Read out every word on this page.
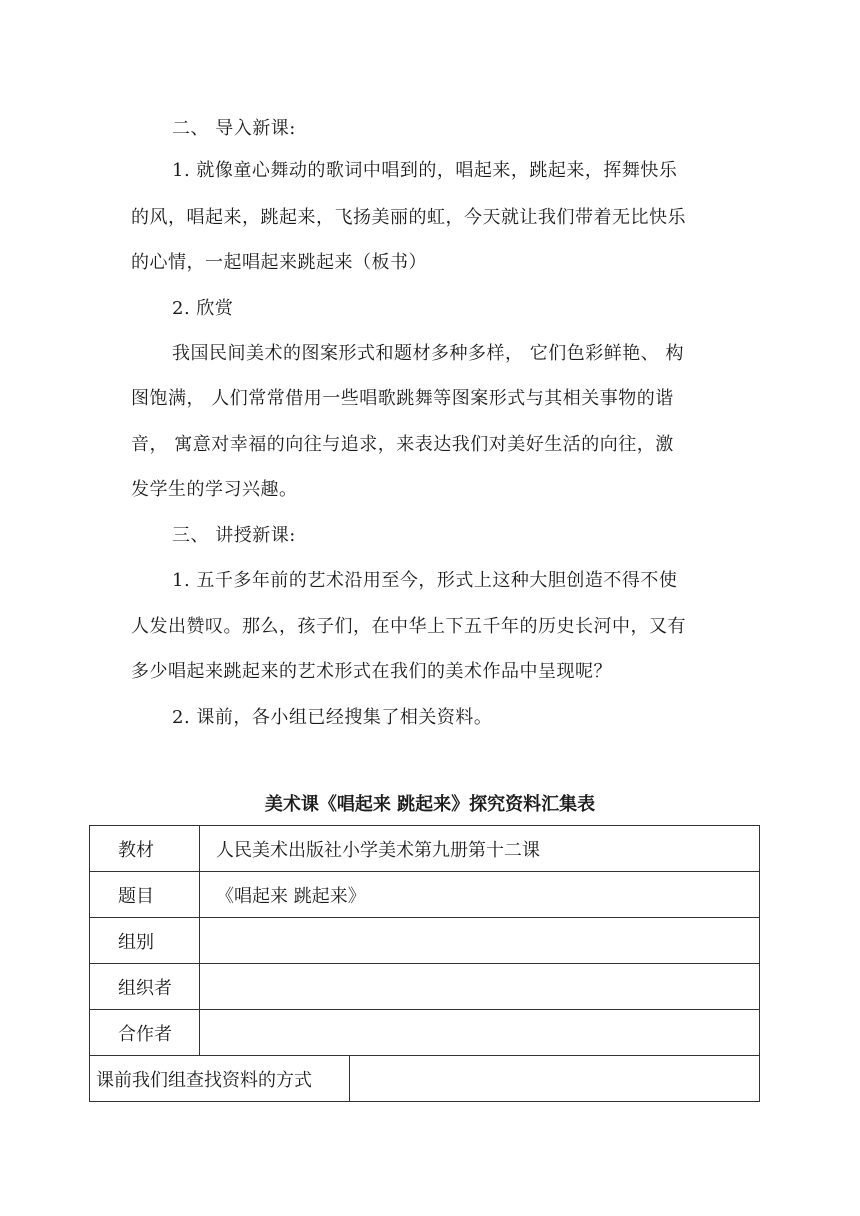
二、 导入新课:
1. 就像童心舞动的歌词中唱到的，唱起来，跳起来，挥舞快乐
的风，唱起来，跳起来，飞扬美丽的虹，今天就让我们带着无比快乐
的心情，一起唱起来跳起来（板书）
2. 欣赏
我国民间美术的图案形式和题材多种多样， 它们色彩鲜艳、 构
图饱满， 人们常常借用一些唱歌跳舞等图案形式与其相关事物的谐
音， 寓意对幸福的向往与追求，来表达我们对美好生活的向往，激
发学生的学习兴趣。
三、 讲授新课:
1. 五千多年前的艺术沿用至今，形式上这种大胆创造不得不使
人发出赞叹。那么，孩子们，在中华上下五千年的历史长河中，又有
多少唱起来跳起来的艺术形式在我们的美术作品中呈现呢？
2. 课前，各小组已经搜集了相关资料。
美术课《唱起来 跳起来》探究资料汇集表
教材	人民美术出版社小学美术第九册第十二课	
题目	《唱起来 跳起来》	
组别		
组织者		
合作者		
课前我们组查找资料的方式		
